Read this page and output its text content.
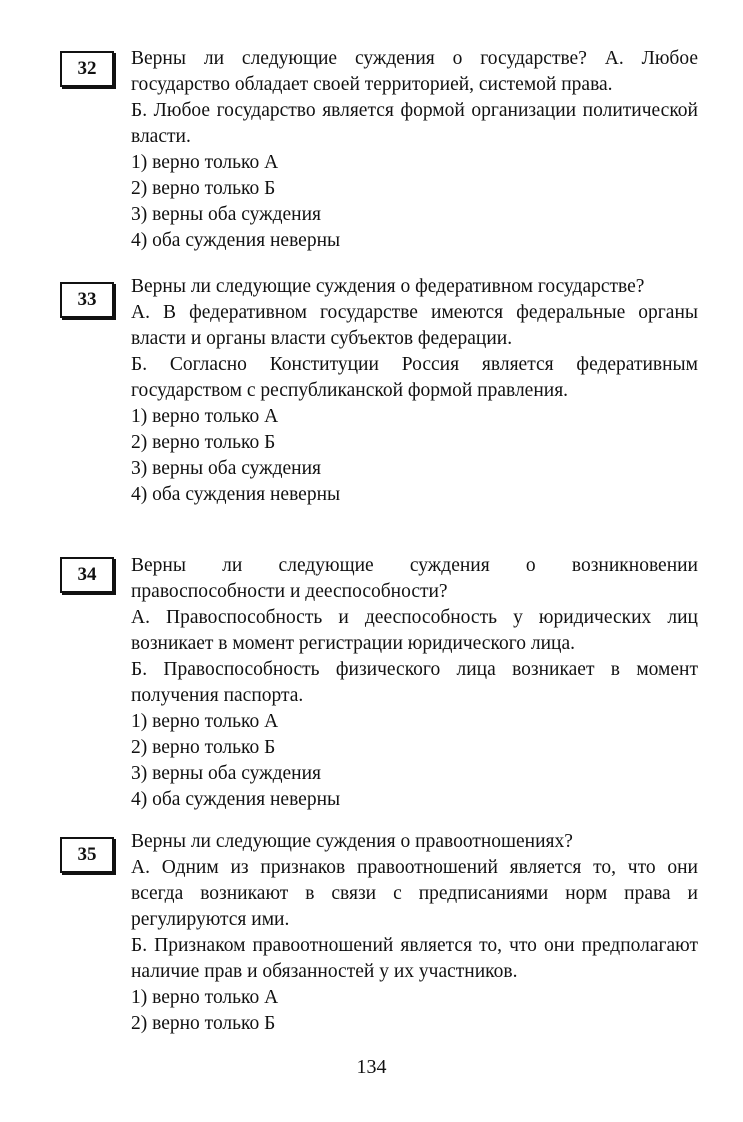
32	Верны ли следующие суждения о государстве? А. Любое государство обладает своей территорией, системой права.

Б. Любое государство является формой организации политической власти.

1) верно только А

2) верно только Б

3) верны оба суждения

4) оба суждения неверны

33

Верны ли следующие суждения о федеративном государстве?

А. В федеративном государстве имеются федеральные органы власти и органы власти субъектов федерации.

Б. Согласно Конституции Россия является федеративным государством с республиканской формой правления.

1) верно только А

2) верно только Б

3) верны оба суждения

4) оба суждения неверны

34	Верны ли следующие суждения о возникновении правоспособности и дееспособности?

А. Правоспособность и дееспособность у юридических лиц возникает в момент регистрации юридического лица.

Б. Правоспособность физического лица возникает в момент получения паспорта.

1) верно только А

2) верно только Б

3) верны оба суждения

4) оба суждения неверны

35

Верны ли следующие суждения о правоотношениях?

А. Одним из признаков правоотношений является то, что они всегда возникают в связи с предписаниями норм права и регулируются ими.

Б. Признаком правоотношений является то, что они предполагают наличие прав и обязанностей у их участников.

1) верно только А

2) верно только Б

134
